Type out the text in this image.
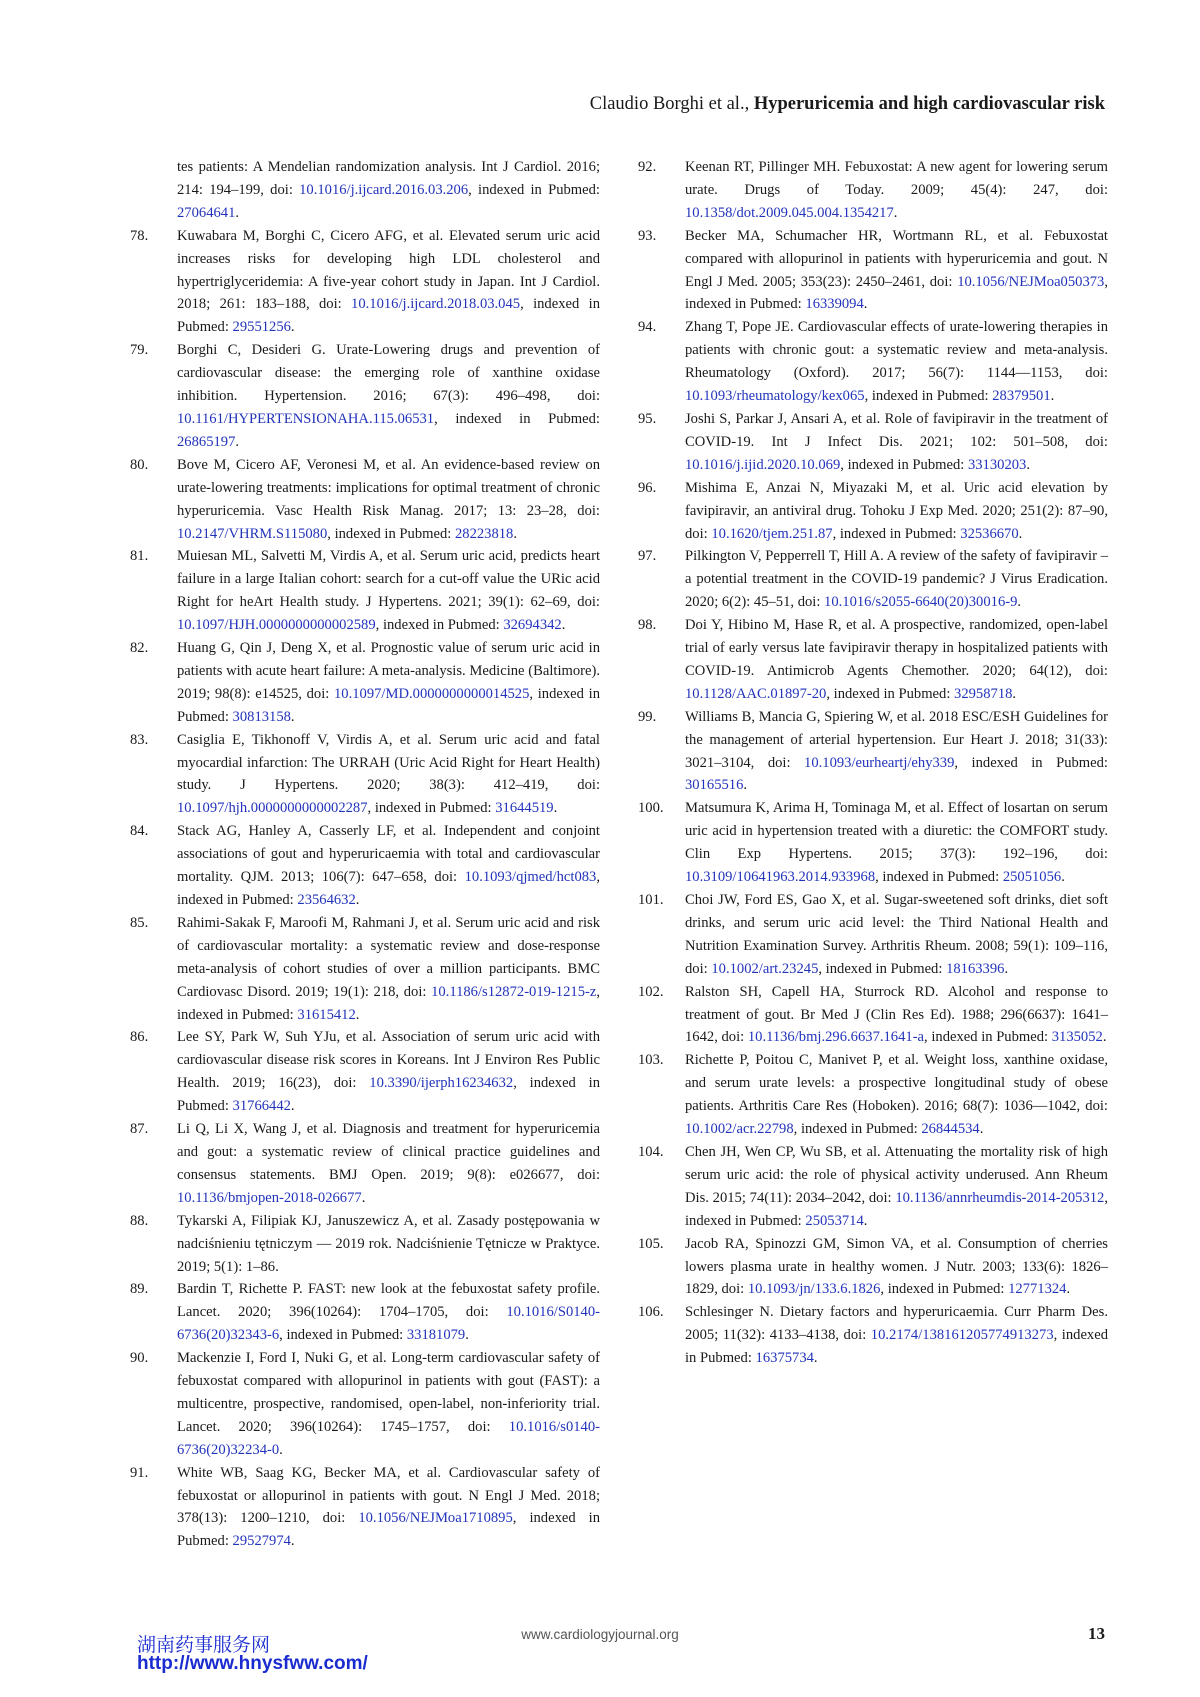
Claudio Borghi et al., Hyperuricemia and high cardiovascular risk

tes patients: A Mendelian randomization analysis. Int J Cardiol. 2016; 214: 194–199, doi: 10.1016/j.ijcard.2016.03.206, indexed in Pubmed: 27064641.

78. Kuwabara M, Borghi C, Cicero AFG, et al. Elevated serum uric acid increases risks for developing high LDL cholesterol and hypertriglyceridemia: A five-year cohort study in Japan. Int J Cardiol. 2018; 261: 183–188, doi: 10.1016/j.ijcard.2018.03.045, indexed in Pubmed: 29551256.

79. Borghi C, Desideri G. Urate-Lowering drugs and prevention of cardiovascular disease: the emerging role of xanthine oxidase inhibition. Hypertension. 2016; 67(3): 496–498, doi: 10.1161/HYPERTENSIONAHA.115.06531, indexed in Pubmed: 26865197.

80. Bove M, Cicero AF, Veronesi M, et al. An evidence-based review on urate-lowering treatments: implications for optimal treatment of chronic hyperuricemia. Vasc Health Risk Manag. 2017; 13: 23–28, doi: 10.2147/VHRM.S115080, indexed in Pubmed: 28223818.

81. Muiesan ML, Salvetti M, Virdis A, et al. Serum uric acid, predicts heart failure in a large Italian cohort: search for a cut-off value the URic acid Right for heArt Health study. J Hypertens. 2021; 39(1): 62–69, doi: 10.1097/HJH.0000000000002589, indexed in Pubmed: 32694342.

82. Huang G, Qin J, Deng X, et al. Prognostic value of serum uric acid in patients with acute heart failure: A meta-analysis. Medicine (Baltimore). 2019; 98(8): e14525, doi: 10.1097/MD.0000000000014525, indexed in Pubmed: 30813158.

83. Casiglia E, Tikhonoff V, Virdis A, et al. Serum uric acid and fatal myocardial infarction: The URRAH (Uric Acid Right for Heart Health) study. J Hypertens. 2020; 38(3): 412–419, doi: 10.1097/hjh.0000000000002287, indexed in Pubmed: 31644519.

84. Stack AG, Hanley A, Casserly LF, et al. Independent and conjoint associations of gout and hyperuricaemia with total and cardiovascular mortality. QJM. 2013; 106(7): 647–658, doi: 10.1093/qjmed/hct083, indexed in Pubmed: 23564632.

85. Rahimi-Sakak F, Maroofi M, Rahmani J, et al. Serum uric acid and risk of cardiovascular mortality: a systematic review and dose-response meta-analysis of cohort studies of over a million participants. BMC Cardiovasc Disord. 2019; 19(1): 218, doi: 10.1186/s12872-019-1215-z, indexed in Pubmed: 31615412.

86. Lee SY, Park W, Suh YJu, et al. Association of serum uric acid with cardiovascular disease risk scores in Koreans. Int J Environ Res Public Health. 2019; 16(23), doi: 10.3390/ijerph16234632, indexed in Pubmed: 31766442.

87. Li Q, Li X, Wang J, et al. Diagnosis and treatment for hyperuricemia and gout: a systematic review of clinical practice guidelines and consensus statements. BMJ Open. 2019; 9(8): e026677, doi: 10.1136/bmjopen-2018-026677.

88. Tykarski A, Filipiak KJ, Januszewicz A, et al. Zasady postępowania w nadciśnieniu tętniczym — 2019 rok. Nadciśnienie Tętnicze w Praktyce. 2019; 5(1): 1–86.

89. Bardin T, Richette P. FAST: new look at the febuxostat safety profile. Lancet. 2020; 396(10264): 1704–1705, doi: 10.1016/S0140-6736(20)32343-6, indexed in Pubmed: 33181079.

90. Mackenzie I, Ford I, Nuki G, et al. Long-term cardiovascular safety of febuxostat compared with allopurinol in patients with gout (FAST): a multicentre, prospective, randomised, open-label, non-inferiority trial. Lancet. 2020; 396(10264): 1745–1757, doi: 10.1016/s0140-6736(20)32234-0.

91. White WB, Saag KG, Becker MA, et al. Cardiovascular safety of febuxostat or allopurinol in patients with gout. N Engl J Med. 2018; 378(13): 1200–1210, doi: 10.1056/NEJMoa1710895, indexed in Pubmed: 29527974.

92. Keenan RT, Pillinger MH. Febuxostat: A new agent for lowering serum urate. Drugs of Today. 2009; 45(4): 247, doi: 10.1358/dot.2009.045.004.1354217.

93. Becker MA, Schumacher HR, Wortmann RL, et al. Febuxostat compared with allopurinol in patients with hyperuricemia and gout. N Engl J Med. 2005; 353(23): 2450–2461, doi: 10.1056/NEJMoa050373, indexed in Pubmed: 16339094.

94. Zhang T, Pope JE. Cardiovascular effects of urate-lowering therapies in patients with chronic gout: a systematic review and meta-analysis. Rheumatology (Oxford). 2017; 56(7): 1144––1153, doi: 10.1093/rheumatology/kex065, indexed in Pubmed: 28379501.

95. Joshi S, Parkar J, Ansari A, et al. Role of favipiravir in the treatment of COVID-19. Int J Infect Dis. 2021; 102: 501–508, doi: 10.1016/j.ijid.2020.10.069, indexed in Pubmed: 33130203.

96. Mishima E, Anzai N, Miyazaki M, et al. Uric acid elevation by favipiravir, an antiviral drug. Tohoku J Exp Med. 2020; 251(2): 87–90, doi: 10.1620/tjem.251.87, indexed in Pubmed: 32536670.

97. Pilkington V, Pepperrell T, Hill A. A review of the safety of favipiravir – a potential treatment in the COVID-19 pandemic? J Virus Eradication. 2020; 6(2): 45–51, doi: 10.1016/s2055-6640(20)30016-9.

98. Doi Y, Hibino M, Hase R, et al. A prospective, randomized, open-label trial of early versus late favipiravir therapy in hospitalized patients with COVID-19. Antimicrob Agents Chemother. 2020; 64(12), doi: 10.1128/AAC.01897-20, indexed in Pubmed: 32958718.

99. Williams B, Mancia G, Spiering W, et al. 2018 ESC/ESH Guidelines for the management of arterial hypertension. Eur Heart J. 2018; 31(33): 3021–3104, doi: 10.1093/eurheartj/ehy339, indexed in Pubmed: 30165516.

100. Matsumura K, Arima H, Tominaga M, et al. Effect of losartan on serum uric acid in hypertension treated with a diuretic: the COMFORT study. Clin Exp Hypertens. 2015; 37(3): 192–196, doi: 10.3109/10641963.2014.933968, indexed in Pubmed: 25051056.

101. Choi JW, Ford ES, Gao X, et al. Sugar-sweetened soft drinks, diet soft drinks, and serum uric acid level: the Third National Health and Nutrition Examination Survey. Arthritis Rheum. 2008; 59(1): 109–116, doi: 10.1002/art.23245, indexed in Pubmed: 18163396.

102. Ralston SH, Capell HA, Sturrock RD. Alcohol and response to treatment of gout. Br Med J (Clin Res Ed). 1988; 296(6637): 1641–1642, doi: 10.1136/bmj.296.6637.1641-a, indexed in Pubmed: 3135052.

103. Richette P, Poitou C, Manivet P, et al. Weight loss, xanthine oxidase, and serum urate levels: a prospective longitudinal study of obese patients. Arthritis Care Res (Hoboken). 2016; 68(7): 1036––1042, doi: 10.1002/acr.22798, indexed in Pubmed: 26844534.

104. Chen JH, Wen CP, Wu SB, et al. Attenuating the mortality risk of high serum uric acid: the role of physical activity underused. Ann Rheum Dis. 2015; 74(11): 2034–2042, doi: 10.1136/annrheumdis-2014-205312, indexed in Pubmed: 25053714.

105. Jacob RA, Spinozzi GM, Simon VA, et al. Consumption of cherries lowers plasma urate in healthy women. J Nutr. 2003; 133(6): 1826–1829, doi: 10.1093/jn/133.6.1826, indexed in Pubmed: 12771324.

106. Schlesinger N. Dietary factors and hyperuricaemia. Curr Pharm Des. 2005; 11(32): 4133–4138, doi: 10.2174/138161205774913273, indexed in Pubmed: 16375734.

www.cardiologyjournal.org	13
湖南药事服务网
http://www.hnysfww.com/
